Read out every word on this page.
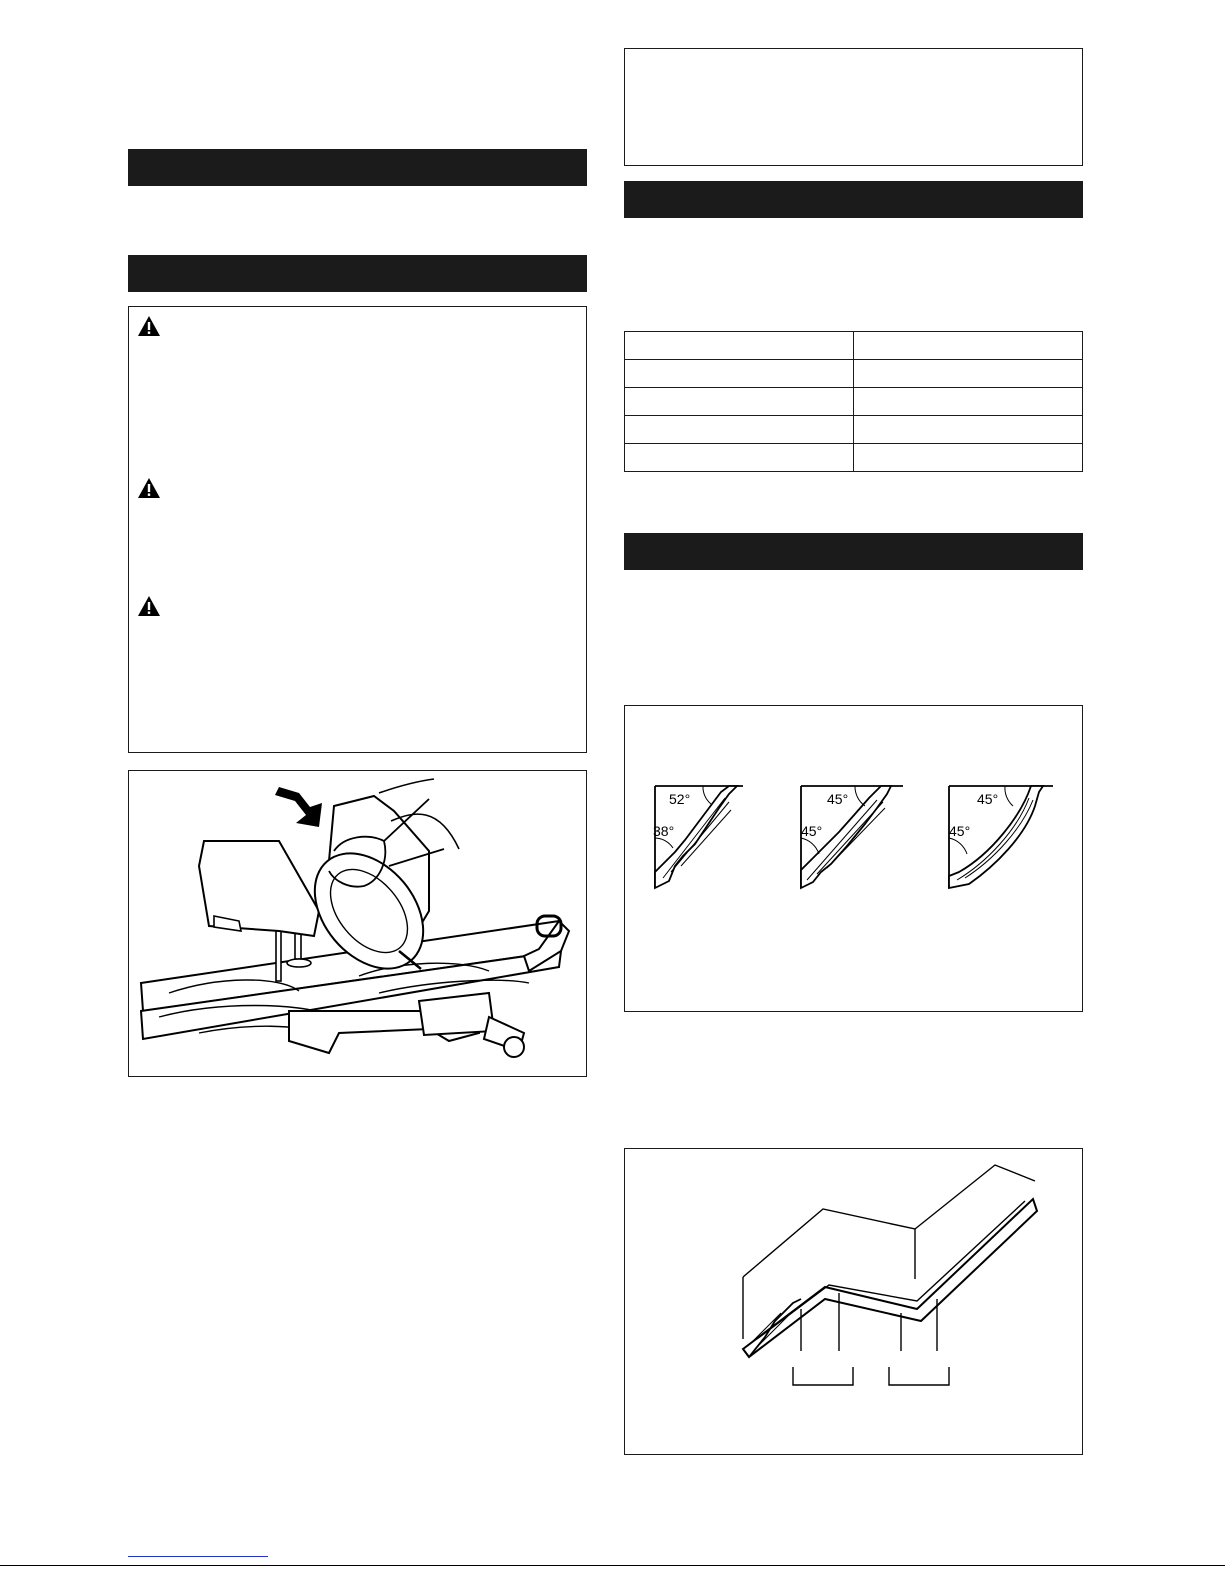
52°
38°
45°
45°
45°
45°
